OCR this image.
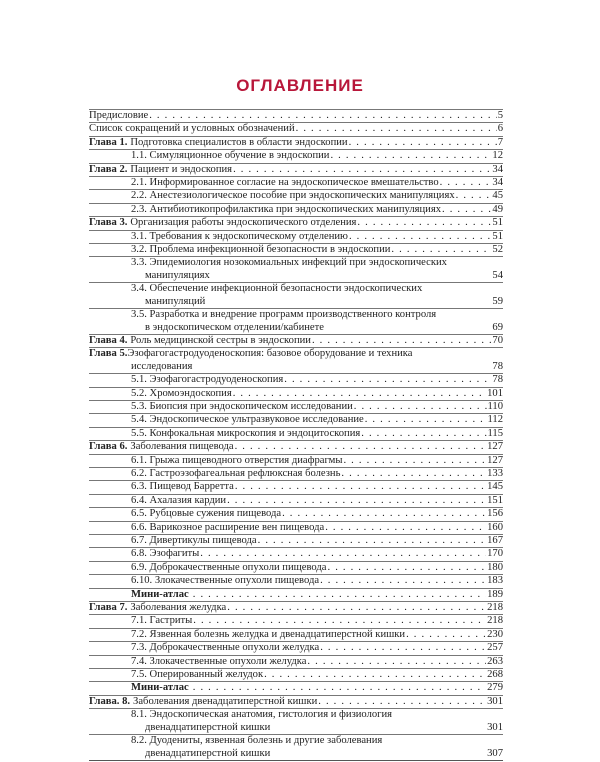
ОГЛАВЛЕНИЕ
Предисловие . . .	5
Список сокращений и условных обозначений . . .	6
Глава 1. Подготовка специалистов в области эндоскопии . . .	7
1.1. Симуляционное обучение в эндоскопии . . .	12
Глава 2. Пациент и эндоскопия . . .	34
2.1. Информированное согласие на эндоскопическое вмешательство . . .	34
2.2. Анестезиологическое пособие при эндоскопических манипуляциях . . .	45
2.3. Антибиотикопрофилактика при эндоскопических манипуляциях . . .	49
Глава 3. Организация работы эндоскопического отделения . . .	51
3.1. Требования к эндоскопическому отделению . . .	51
3.2. Проблема инфекционной безопасности в эндоскопии . . .	52
3.3. Эпидемиология нозокомиальных инфекций при эндоскопических
манипуляциях	54
3.4. Обеспечение инфекционной безопасности эндоскопических
манипуляций	59
3.5. Разработка и внедрение программ производственного контроля
в эндоскопическом отделении/кабинете	69
Глава 4. Роль медицинской сестры в эндоскопии . . .	70
Глава 5.Эзофагогастродуоденоскопия: базовое оборудование и техника
исследования	78
5.1. Эзофагогастродуоденоскопия . . .	78
5.2. Хромоэндоскопия . . .	101
5.3. Биопсия при эндоскопическом исследовании . . .	110
5.4. Эндоскопическое ультразвуковое исследование . . .	112
5.5. Конфокальная микроскопия и эндоцитоскопия . . .	115
Глава 6. Заболевания пищевода . . .	127
6.1. Грыжа пищеводного отверстия диафрагмы . . .	127
6.2. Гастроэзофагеальная рефлюксная болезнь . . .	133
6.3. Пищевод Барретта . . .	145
6.4. Ахалазия кардии . . .	151
6.5. Рубцовые сужения пищевода . . .	156
6.6. Варикозное расширение вен пищевода . . .	160
6.7. Дивертикулы пищевода . . .	167
6.8. Эзофагиты . . .	170
6.9. Доброкачественные опухоли пищевода . . .	180
6.10. Злокачественные опухоли пищевода . . .	183
Мини-атлас . . .	189
Глава 7. Заболевания желудка . . .	218
7.1. Гастриты . . .	218
7.2. Язвенная болезнь желудка и двенадцатиперстной кишки . . .	230
7.3. Доброкачественные опухоли желудка . . .	257
7.4. Злокачественные опухоли желудка . . .	263
7.5. Оперированный желудок . . .	268
Мини-атлас . . .	279
Глава. 8. Заболевания двенадцатиперстной кишки . . .	301
8.1. Эндоскопическая анатомия, гистология и физиология
двенадцатиперстной кишки	301
8.2. Дуодениты, язвенная болезнь и другие заболевания
двенадцатиперстной кишки	307
